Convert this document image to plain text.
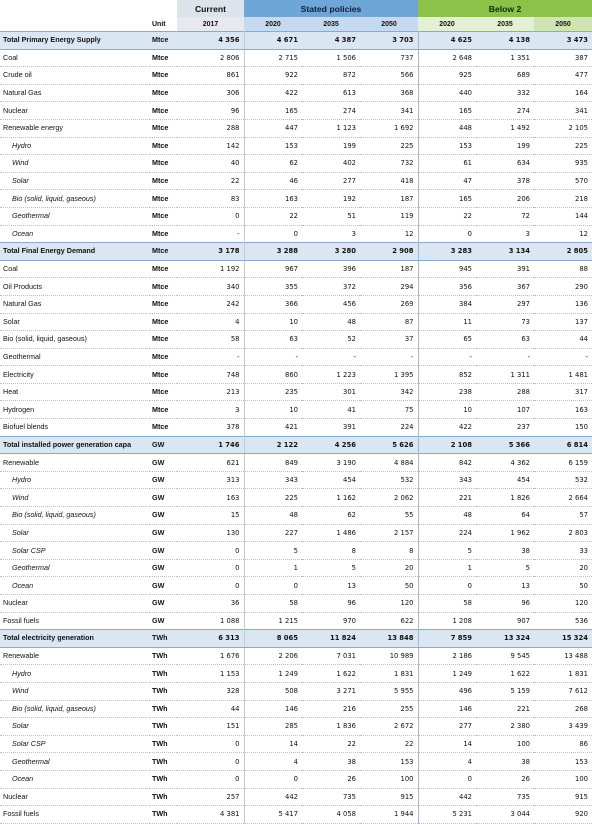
		Current	Stated policies			Below 2		
	Unit	2017	2020	2035	2050	2020	2035	2050
Total Primary Energy Supply	Mtce	4 356	4 671	4 387	3 703	4 625	4 138	3 473
Coal	Mtce	2 806	2 715	1 506	737	2 648	1 351	387
Crude oil	Mtce	861	922	872	566	925	689	477
Natural Gas	Mtce	306	422	613	368	440	332	164
Nuclear	Mtce	96	165	274	341	165	274	341
Renewable energy	Mtce	288	447	1 123	1 692	448	1 492	2 105
Hydro	Mtce	142	153	199	225	153	199	225
Wind	Mtce	40	62	402	732	61	634	935
Solar	Mtce	22	46	277	418	47	378	570
Bio (solid, liquid, gaseous)	Mtce	83	163	192	187	165	206	218
Geothermal	Mtce	0	22	51	119	22	72	144
Ocean	Mtce	-	0	3	12	0	3	12
Total Final Energy Demand	Mtce	3 178	3 288	3 280	2 908	3 283	3 134	2 805
Coal	Mtce	1 192	967	396	187	945	391	88
Oil Products	Mtce	340	355	372	294	356	367	290
Natural Gas	Mtce	242	366	456	269	384	297	136
Solar	Mtce	4	10	48	87	11	73	137
Bio (solid, liquid, gaseous)	Mtce	58	63	52	37	65	63	44
Geothermal	Mtce	-	-	-	-	-	-	-
Electricity	Mtce	748	860	1 223	1 395	852	1 311	1 481
Heat	Mtce	213	235	301	342	238	288	317
Hydrogen	Mtce	3	10	41	75	10	107	163
Biofuel blends	Mtce	378	421	391	224	422	237	150
Total installed power generation capa	GW	1 746	2 122	4 256	5 626	2 108	5 366	6 814
Renewable	GW	621	849	3 190	4 884	842	4 362	6 159
Hydro	GW	313	343	454	532	343	454	532
Wind	GW	163	225	1 162	2 062	221	1 826	2 664
Bio (solid, liquid, gaseous)	GW	15	48	62	55	48	64	57
Solar	GW	130	227	1 486	2 157	224	1 962	2 803
Solar CSP	GW	0	5	8	8	5	38	33
Geothermal	GW	0	1	5	20	1	5	20
Ocean	GW	0	0	13	50	0	13	50
Nuclear	GW	36	58	96	120	58	96	120
Fossil fuels	GW	1 088	1 215	970	622	1 208	907	536
Total electricity generation	TWh	6 313	8 065	11 824	13 848	7 859	13 324	15 324
Renewable	TWh	1 676	2 206	7 031	10 989	2 186	9 545	13 488
Hydro	TWh	1 153	1 249	1 622	1 831	1 249	1 622	1 831
Wind	TWh	328	508	3 271	5 955	496	5 159	7 612
Bio (solid, liquid, gaseous)	TWh	44	146	216	255	146	221	268
Solar	TWh	151	285	1 836	2 672	277	2 380	3 439
Solar CSP	TWh	0	14	22	22	14	100	86
Geothermal	TWh	0	4	38	153	4	38	153
Ocean	TWh	0	0	26	100	0	26	100
Nuclear	TWh	257	442	735	915	442	735	915
Fossil fuels	TWh	4 381	5 417	4 058	1 944	5 231	3 044	920
